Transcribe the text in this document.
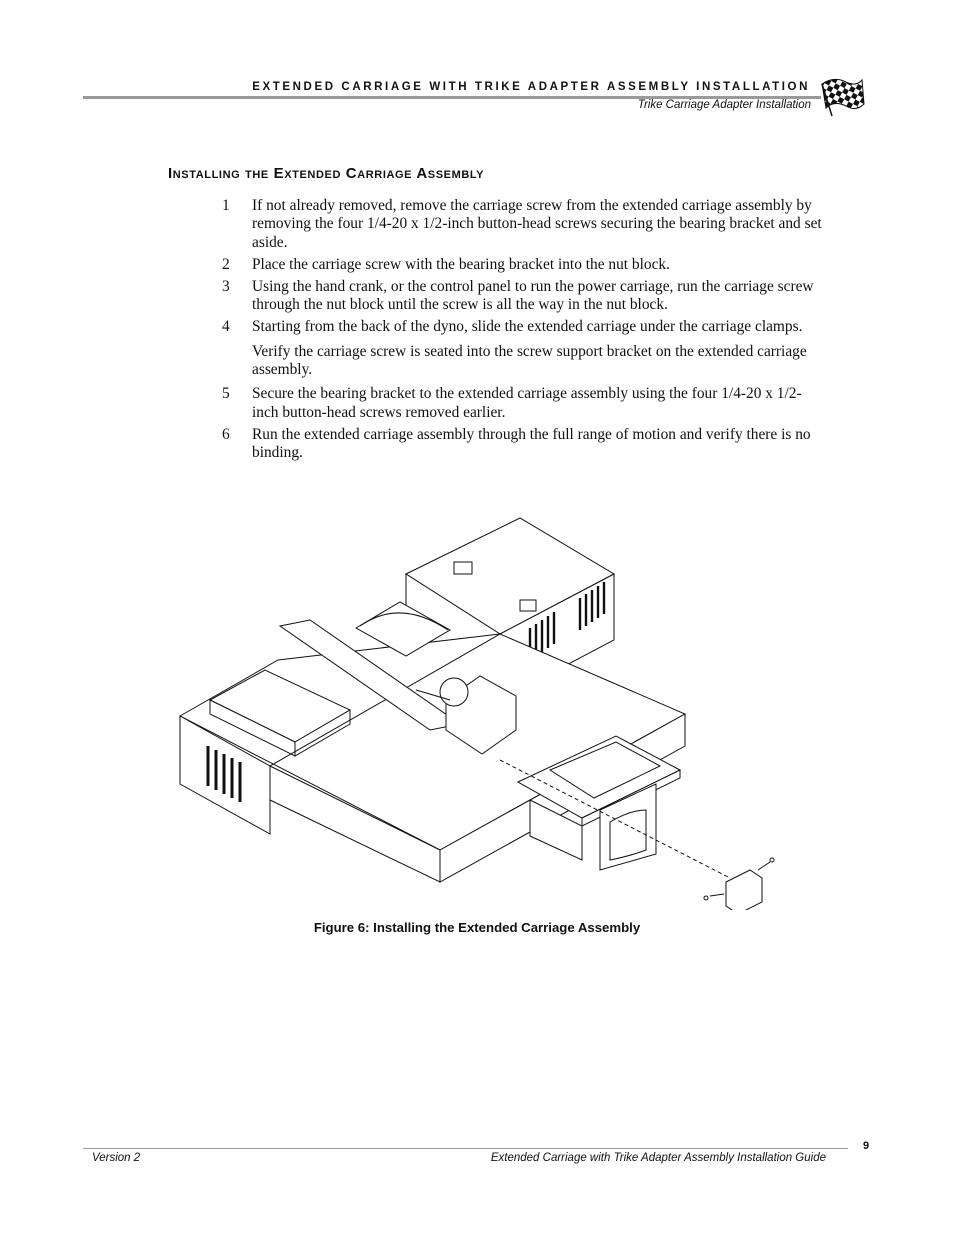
EXTENDED CARRIAGE WITH TRIKE ADAPTER ASSEMBLY INSTALLATION
Trike Carriage Adapter Installation
Installing the Extended Carriage Assembly
1 If not already removed, remove the carriage screw from the extended carriage assembly by removing the four 1/4-20 x 1/2-inch button-head screws securing the bearing bracket and set aside.
2 Place the carriage screw with the bearing bracket into the nut block.
3 Using the hand crank, or the control panel to run the power carriage, run the carriage screw through the nut block until the screw is all the way in the nut block.
4 Starting from the back of the dyno, slide the extended carriage under the carriage clamps.
Verify the carriage screw is seated into the screw support bracket on the extended carriage assembly.
5 Secure the bearing bracket to the extended carriage assembly using the four 1/4-20 x 1/2-inch button-head screws removed earlier.
6 Run the extended carriage assembly through the full range of motion and verify there is no binding.
Figure 6: Installing the Extended Carriage Assembly
9
Version 2	Extended Carriage with Trike Adapter Assembly Installation Guide
